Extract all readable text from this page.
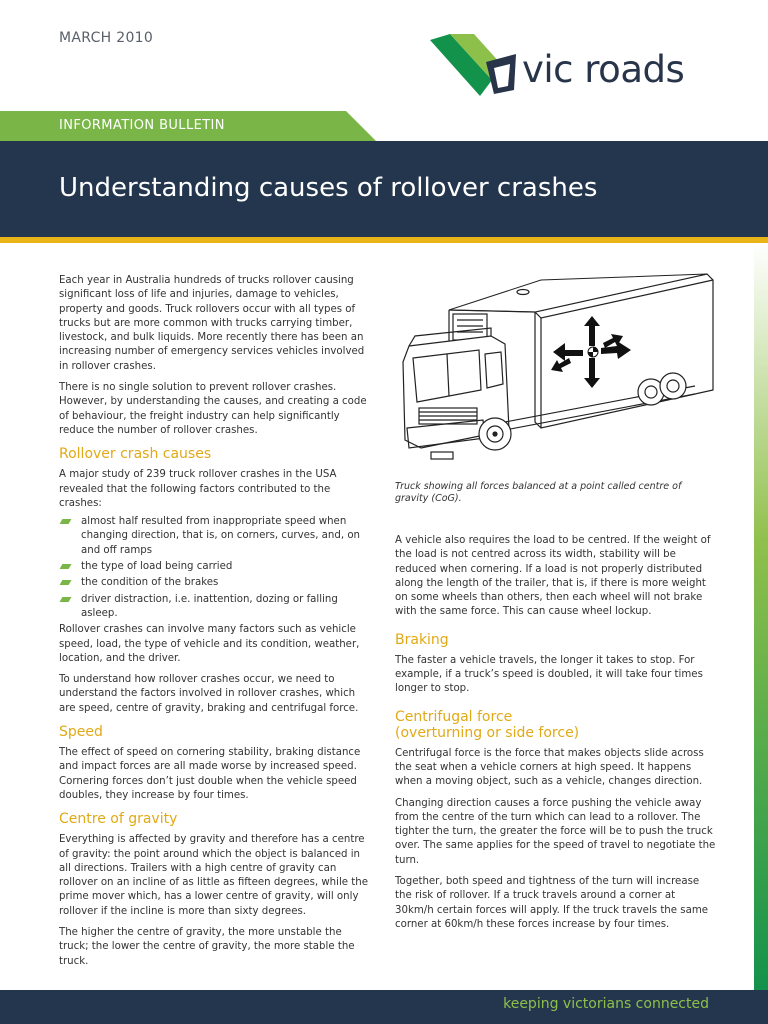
MARCH 2010
vic roads
INFORMATION BULLETIN
Understanding causes of rollover crashes

Each year in Australia hundreds of trucks rollover causing significant loss of life and injuries, damage to vehicles, property and goods. Truck rollovers occur with all types of trucks but are more common with trucks carrying timber, livestock, and bulk liquids. More recently there has been an increasing number of emergency services vehicles involved in rollover crashes.

There is no single solution to prevent rollover crashes. However, by understanding the causes, and creating a code of behaviour, the freight industry can help significantly reduce the number of rollover crashes.

Rollover crash causes

A major study of 239 truck rollover crashes in the USA revealed that the following factors contributed to the crashes:

almost half resulted from inappropriate speed when changing direction, that is, on corners, curves, and, on and off ramps
the type of load being carried
the condition of the brakes
driver distraction, i.e. inattention, dozing or falling asleep.

Rollover crashes can involve many factors such as vehicle speed, load, the type of vehicle and its condition, weather, location, and the driver.

To understand how rollover crashes occur, we need to understand the factors involved in rollover crashes, which are speed, centre of gravity, braking and centrifugal force.

Speed

The effect of speed on cornering stability, braking distance and impact forces are all made worse by increased speed. Cornering forces don’t just double when the vehicle speed doubles, they increase by four times.

Centre of gravity

Everything is affected by gravity and therefore has a centre of gravity: the point around which the object is balanced in all directions. Trailers with a high centre of gravity can rollover on an incline of as little as fifteen degrees, while the prime mover which, has a lower centre of gravity, will only rollover if the incline is more than sixty degrees.

The higher the centre of gravity, the more unstable the truck; the lower the centre of gravity, the more stable the truck.

Truck showing all forces balanced at a point called centre of gravity (CoG).

A vehicle also requires the load to be centred. If the weight of the load is not centred across its width, stability will be reduced when cornering. If a load is not properly distributed along the length of the trailer, that is, if there is more weight on some wheels than others, then each wheel will not brake with the same force. This can cause wheel lockup.

Braking

The faster a vehicle travels, the longer it takes to stop. For example, if a truck’s speed is doubled, it will take four times longer to stop.

Centrifugal force
(overturning or side force)

Centrifugal force is the force that makes objects slide across the seat when a vehicle corners at high speed. It happens when a moving object, such as a vehicle, changes direction.

Changing direction causes a force pushing the vehicle away from the centre of the turn which can lead to a rollover. The tighter the turn, the greater the force will be to push the truck over. The same applies for the speed of travel to negotiate the turn.

Together, both speed and tightness of the turn will increase the risk of rollover. If a truck travels around a corner at 30km/h certain forces will apply. If the truck travels the same corner at 60km/h these forces increase by four times.

keeping victorians connected
